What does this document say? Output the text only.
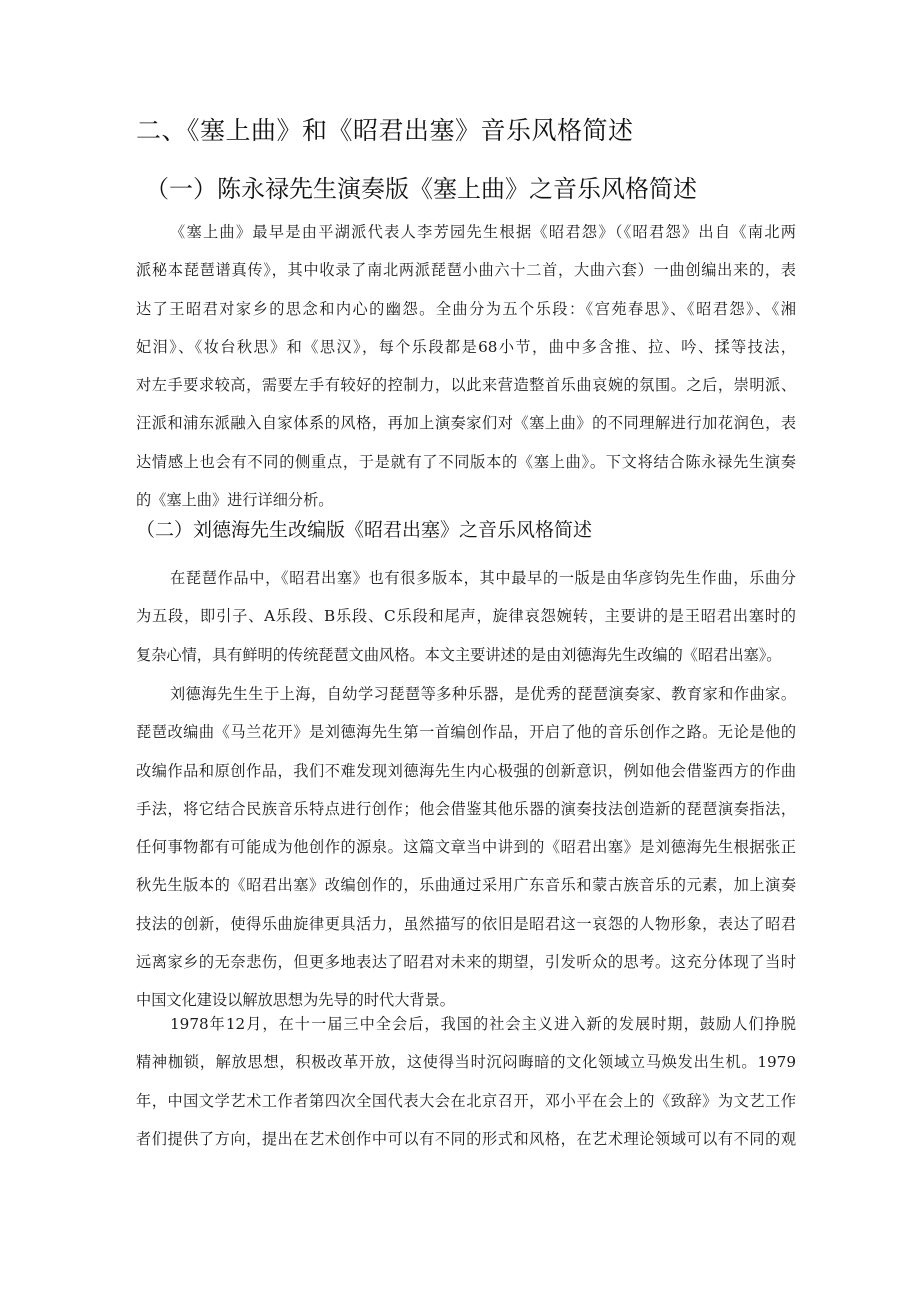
二、《塞上曲》和《昭君出塞》音乐风格简述
（一）陈永禄先生演奏版《塞上曲》之音乐风格简述
《塞上曲》最早是由平湖派代表人李芳园先生根据《昭君怨》（《昭君怨》出自《南北两
派秘本琵琶谱真传》，其中收录了南北两派琵琶小曲六十二首，大曲六套）一曲创编出来的，表
达了王昭君对家乡的思念和内心的幽怨。全曲分为五个乐段：《宫苑春思》、《昭君怨》、《湘
妃泪》、《妆台秋思》和《思汉》，每个乐段都是68小节，曲中多含推、拉、吟、揉等技法，
对左手要求较高，需要左手有较好的控制力，以此来营造整首乐曲哀婉的氛围。之后，崇明派、
汪派和浦东派融入自家体系的风格，再加上演奏家们对《塞上曲》的不同理解进行加花润色，表
达情感上也会有不同的侧重点，于是就有了不同版本的《塞上曲》。下文将结合陈永禄先生演奏
的《塞上曲》进行详细分析。
（二）刘德海先生改编版《昭君出塞》之音乐风格简述
在琵琶作品中，《昭君出塞》也有很多版本，其中最早的一版是由华彦钧先生作曲，乐曲分
为五段，即引子、A乐段、B乐段、C乐段和尾声，旋律哀怨婉转，主要讲的是王昭君出塞时的
复杂心情，具有鲜明的传统琵琶文曲风格。本文主要讲述的是由刘德海先生改编的《昭君出塞》。
刘德海先生生于上海，自幼学习琵琶等多种乐器，是优秀的琵琶演奏家、教育家和作曲家。
琵琶改编曲《马兰花开》是刘德海先生第一首编创作品，开启了他的音乐创作之路。无论是他的
改编作品和原创作品，我们不难发现刘德海先生内心极强的创新意识，例如他会借鉴西方的作曲
手法，将它结合民族音乐特点进行创作；他会借鉴其他乐器的演奏技法创造新的琵琶演奏指法，
任何事物都有可能成为他创作的源泉。这篇文章当中讲到的《昭君出塞》是刘德海先生根据张正
秋先生版本的《昭君出塞》改编创作的，乐曲通过采用广东音乐和蒙古族音乐的元素，加上演奏
技法的创新，使得乐曲旋律更具活力，虽然描写的依旧是昭君这一哀怨的人物形象，表达了昭君
远离家乡的无奈悲伤，但更多地表达了昭君对未来的期望，引发听众的思考。这充分体现了当时
中国文化建设以解放思想为先导的时代大背景。
1978年12月，在十一届三中全会后，我国的社会主义进入新的发展时期，鼓励人们挣脱
精神枷锁，解放思想，积极改革开放，这使得当时沉闷晦暗的文化领域立马焕发出生机。1979
年，中国文学艺术工作者第四次全国代表大会在北京召开，邓小平在会上的《致辞》为文艺工作
者们提供了方向，提出在艺术创作中可以有不同的形式和风格，在艺术理论领域可以有不同的观
